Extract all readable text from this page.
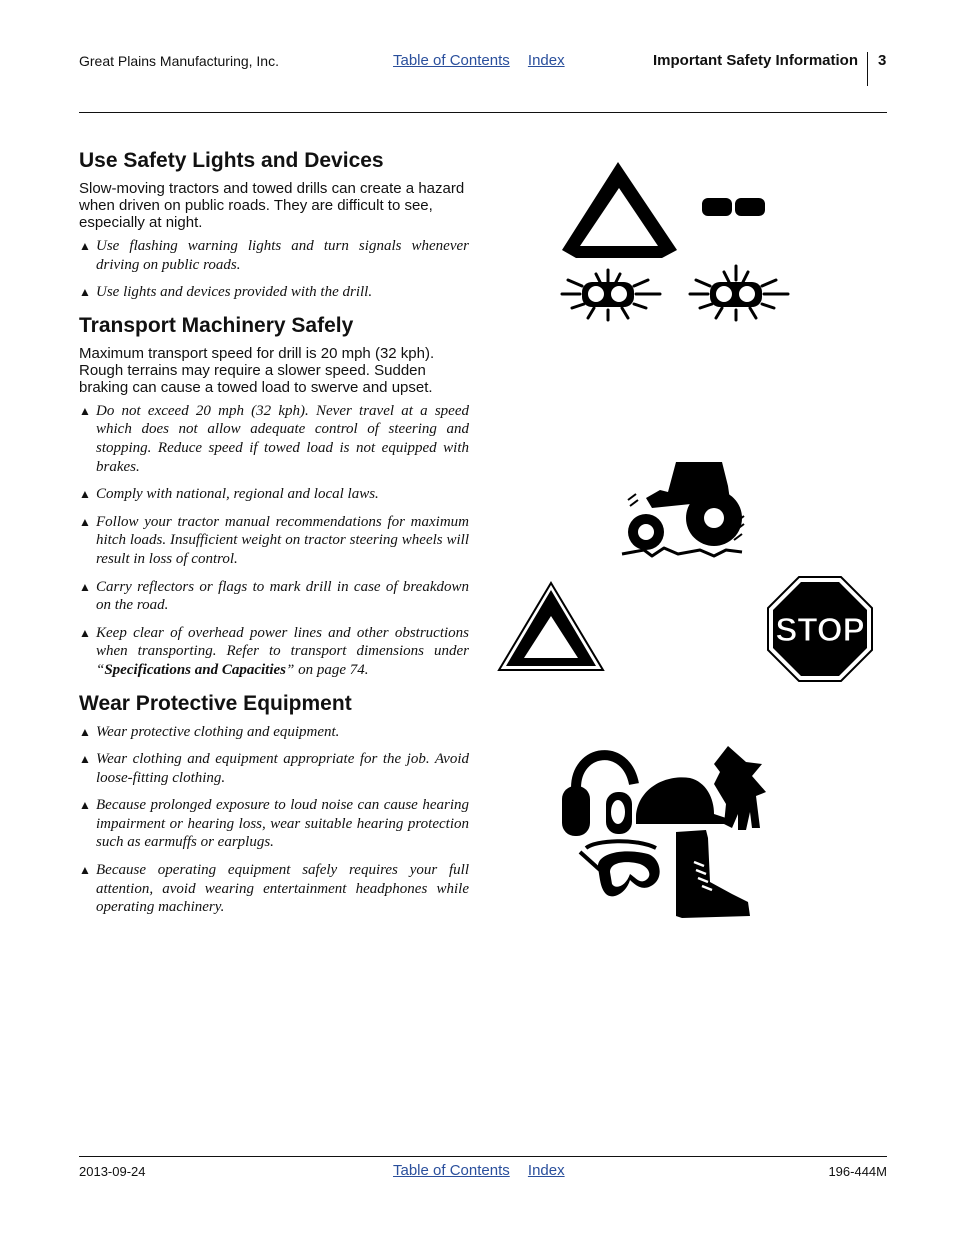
Great Plains Manufacturing, Inc.	Table of Contents Index	Important Safety Information 3
Use Safety Lights and Devices

Slow-moving tractors and towed drills can create a hazard when driven on public roads. They are difficult to see, especially at night.

▲ Use flashing warning lights and turn signals whenever driving on public roads.
▲ Use lights and devices provided with the drill.
Transport Machinery Safely

Maximum transport speed for drill is 20 mph (32 kph). Rough terrains may require a slower speed. Sudden braking can cause a towed load to swerve and upset.

▲ Do not exceed 20 mph (32 kph). Never travel at a speed which does not allow adequate control of steering and stopping. Reduce speed if towed load is not equipped with brakes.
▲ Comply with national, regional and local laws.
▲ Follow your tractor manual recommendations for maximum hitch loads. Insufficient weight on tractor steering wheels will result in loss of control.
▲ Carry reflectors or flags to mark drill in case of breakdown on the road.
▲ Keep clear of overhead power lines and other obstructions when transporting. Refer to transport dimensions under “Specifications and Capacities” on page 74.
Wear Protective Equipment
▲ Wear protective clothing and equipment.
▲ Wear clothing and equipment appropriate for the job. Avoid loose-fitting clothing.
▲ Because prolonged exposure to loud noise can cause hearing impairment or hearing loss, wear suitable hearing protection such as earmuffs or earplugs.
▲ Because operating equipment safely requires your full attention, avoid wearing entertainment headphones while operating machinery.
STOP
2013-09-24	Table of Contents Index	196-444M
